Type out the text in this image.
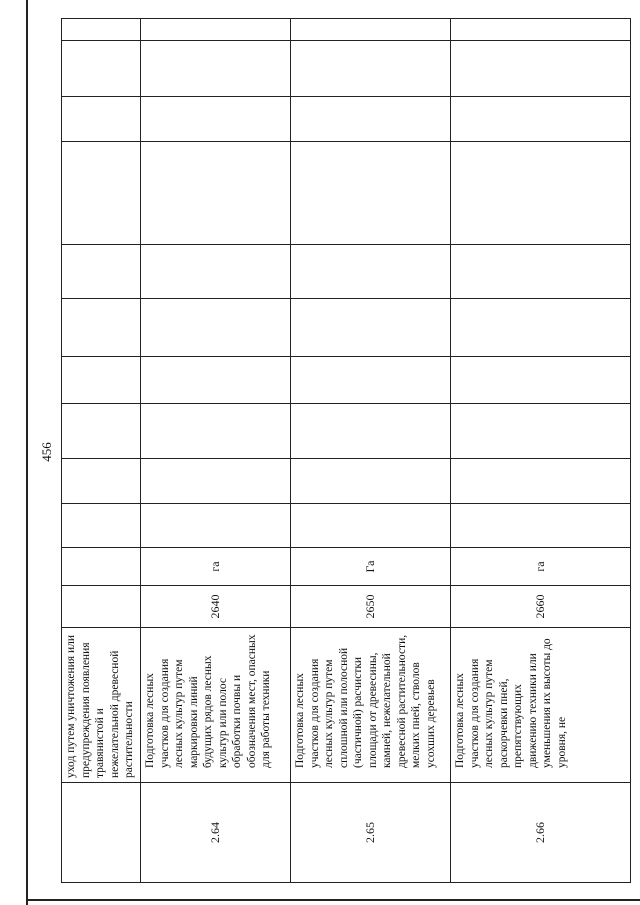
456
	уход путем уничтожения или предупреждения появления травянистой и нежелательной древесной растительности												
2.64	Подготовка лесных участков для создания лесных культур путем маркировки линий будущих рядов лесных культур или полос обработки почвы и обозначения мест, опасных для работы техники	2640	га										
2.65	Подготовка лесных участков для создания лесных культур путем сплошной или полосной (частичной) расчистки площади от древесины, камней, нежелательной древесной растительности, мелких пней, стволов усохших деревьев	2650	Га										
2.66	Подготовка лесных участков для создания лесных культур путем раскорчевки пней, препятствующих движению техники или уменьшения их высоты до уровня, не	2660	га										
